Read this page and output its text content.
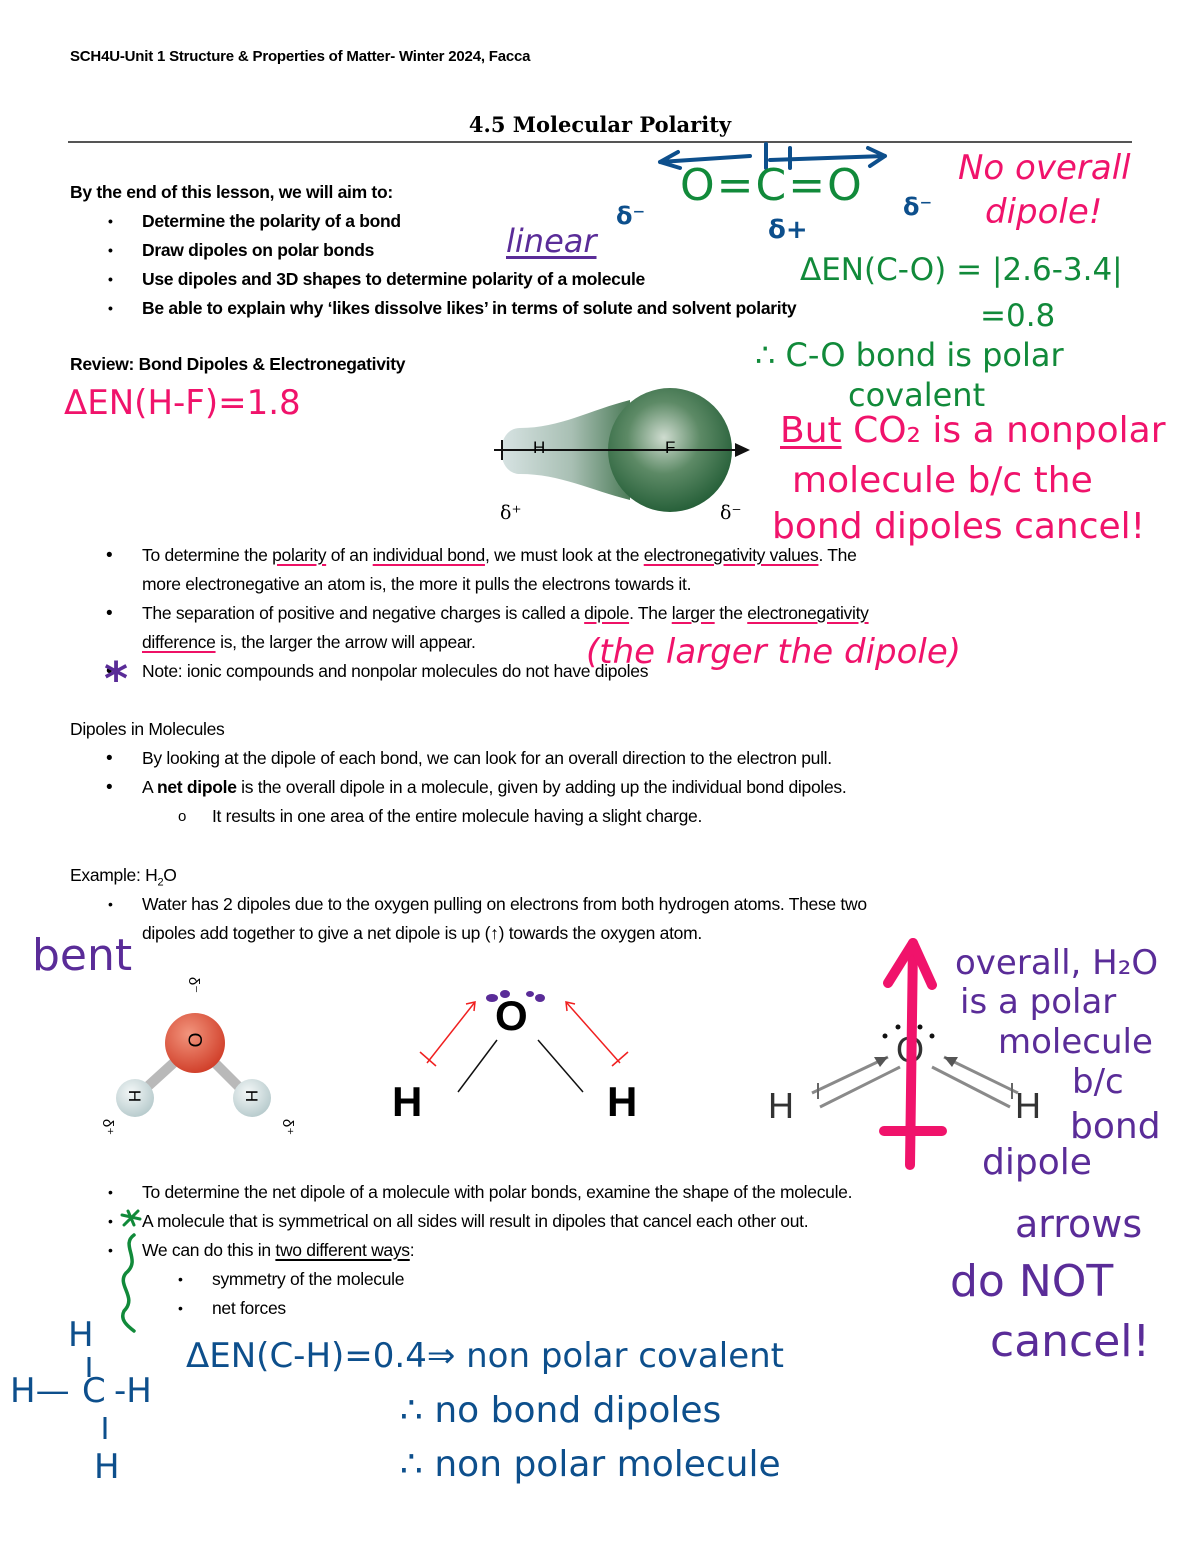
SCH4U-Unit 1 Structure & Properties of Matter- Winter 2024, Facca
4.5 Molecular Polarity
By the end of this lesson, we will aim to:
• Determine the polarity of a bond
• Draw dipoles on polar bonds
• Use dipoles and 3D shapes to determine polarity of a molecule
• Be able to explain why ‘likes dissolve likes’ in terms of solute and solvent polarity
Review: Bond Dipoles & Electronegativity
H	F
δ⁺	δ⁻
• To determine the polarity of an individual bond, we must look at the electronegativity values. The
more electronegative an atom is, the more it pulls the electrons towards it.
• The separation of positive and negative charges is called a dipole. The larger the electronegativity
difference is, the larger the arrow will appear.
• Note: ionic compounds and nonpolar molecules do not have dipoles
Dipoles in Molecules
• By looking at the dipole of each bond, we can look for an overall direction to the electron pull.
• A net dipole is the overall dipole in a molecule, given by adding up the individual bond dipoles.
o It results in one area of the entire molecule having a slight charge.
Example: $H_2O$
• Water has 2 dipoles due to the oxygen pulling on electrons from both hydrogen atoms. These two
dipoles add together to give a net dipole is up (↑) towards the oxygen atom.
O
H	H
δ⁻
δ⁺	δ⁺
O
H	H
O
H	H
• To determine the net dipole of a molecule with polar bonds, examine the shape of the molecule.
• A molecule that is symmetrical on all sides will result in dipoles that cancel each other out.
• We can do this in two different ways:
• symmetry of the molecule
• net forces
O=C=O
δ⁻	δ⁻
δ+
linear
No overall
dipole!
ΔEN(C-O) = |2.6-3.4|
=0.8
∴ C-O bond is polar
covalent
But CO₂ is a nonpolar
molecule b/c the
bond dipoles cancel!
ΔEN(H-F)=1.8
(the larger the dipole)
*
bent	overall, H₂O
is a polar
molecule
b/c
bond
dipole
arrows
do NOT
cancel!
H
H— C -H
H
ΔEN(C-H)=0.4⇒ non polar covalent
∴ no bond dipoles
∴ non polar molecule
